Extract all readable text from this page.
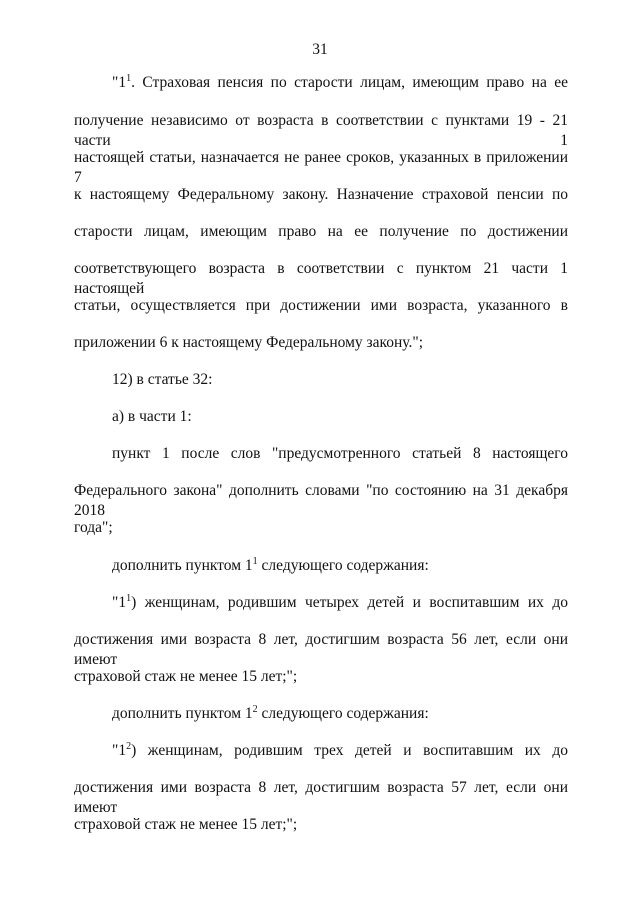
31
"$1^1$. Страховая пенсия по старости лицам, имеющим право на ее
получение независимо от возраста в соответствии с пунктами 19 - 21 части 1
настоящей статьи, назначается не ранее сроков, указанных в приложении 7
к настоящему Федеральному закону. Назначение страховой пенсии по
старости лицам, имеющим право на ее получение по достижении
соответствующего возраста в соответствии с пунктом 21 части 1 настоящей
статьи, осуществляется при достижении ими возраста, указанного в
приложении 6 к настоящему Федеральному закону.";
12) в статье 32:
а) в части 1:
пункт 1 после слов "предусмотренного статьей 8 настоящего
Федерального закона" дополнить словами "по состоянию на 31 декабря 2018
года";
дополнить пунктом $1^1$ следующего содержания:
"$1^1$) женщинам, родившим четырех детей и воспитавшим их до
достижения ими возраста 8 лет, достигшим возраста 56 лет, если они имеют
страховой стаж не менее 15 лет;";
дополнить пунктом $1^2$ следующего содержания:
"$1^2$) женщинам, родившим трех детей и воспитавшим их до
достижения ими возраста 8 лет, достигшим возраста 57 лет, если они имеют
страховой стаж не менее 15 лет;";
